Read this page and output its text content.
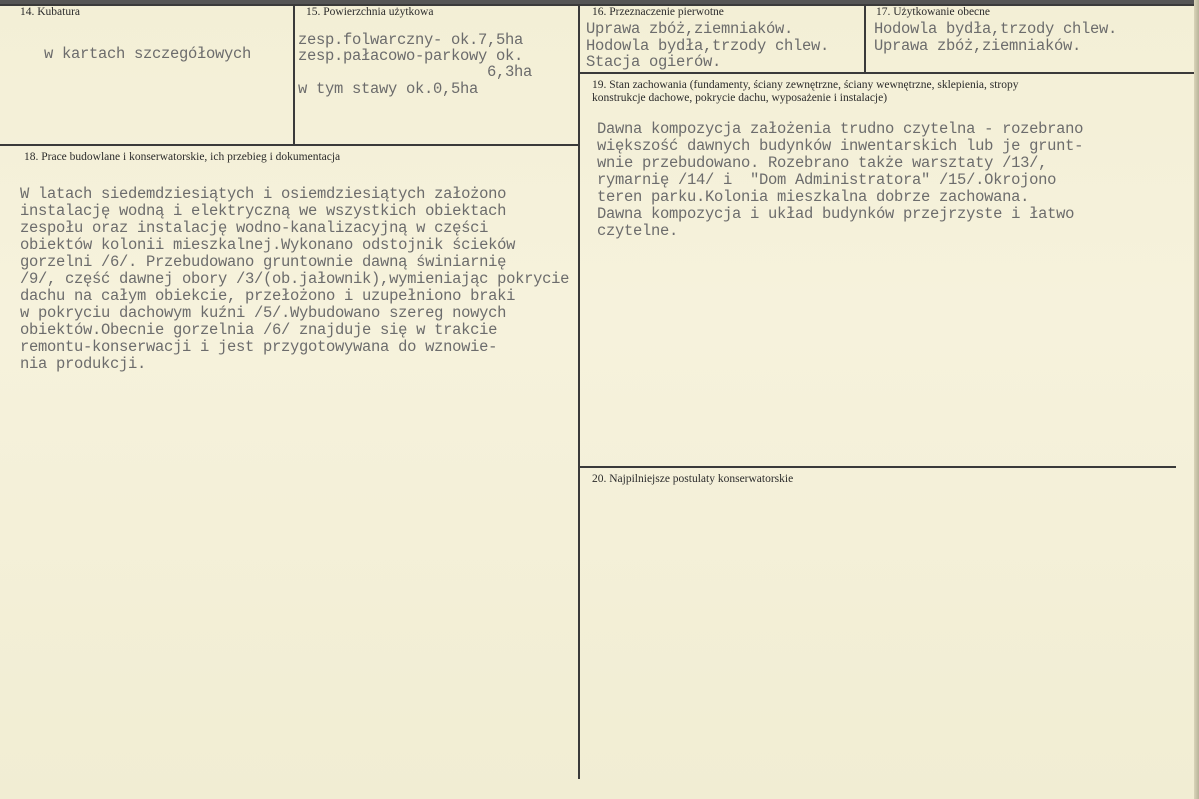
14. Kubatura
w kartach szczegółowych
15. Powierzchnia użytkowa
zesp.folwarczny- ok.7,5ha
zesp.pałacowo-parkowy ok.
6,3ha
w tym stawy ok.0,5ha
16. Przeznaczenie pierwotne
Uprawa zbóż,ziemniaków.
Hodowla bydła,trzody chlew.
Stacja ogierów.
17. Użytkowanie obecne
Hodowla bydła,trzody chlew.
Uprawa zbóż,ziemniaków.
18. Prace budowlane i konserwatorskie, ich przebieg i dokumentacja
W latach siedemdziesiątych i osiemdziesiątych założono
instalację wodną i elektryczną we wszystkich obiektach
zespołu oraz instalację wodno-kanalizacyjną w części
obiektów kolonii mieszkalnej.Wykonano odstojnik ścieków
gorzelni /6/. Przebudowano gruntownie dawną świniarnię
/9/, część dawnej obory /3/(ob.jałownik),wymieniając pokrycie
dachu na całym obiekcie, przełożono i uzupełniono braki
w pokryciu dachowym kuźni /5/.Wybudowano szereg nowych
obiektów.Obecnie gorzelnia /6/ znajduje się w trakcie
remontu-konserwacji i jest przygotowywana do wznowie-
nia produkcji.
19. Stan zachowania (fundamenty, ściany zewnętrzne, ściany wewnętrzne, sklepienia, stropy
konstrukcje dachowe, pokrycie dachu, wyposażenie i instalacje)
Dawna kompozycja założenia trudno czytelna - rozebrano
większość dawnych budynków inwentarskich lub je grunt-
wnie przebudowano. Rozebrano także warsztaty /13/,
rymarnię /14/ i  "Dom Administratora" /15/.Okrojono
teren parku.Kolonia mieszkalna dobrze zachowana.
Dawna kompozycja i układ budynków przejrzyste i łatwo
czytelne.
20. Najpilniejsze postulaty konserwatorskie
